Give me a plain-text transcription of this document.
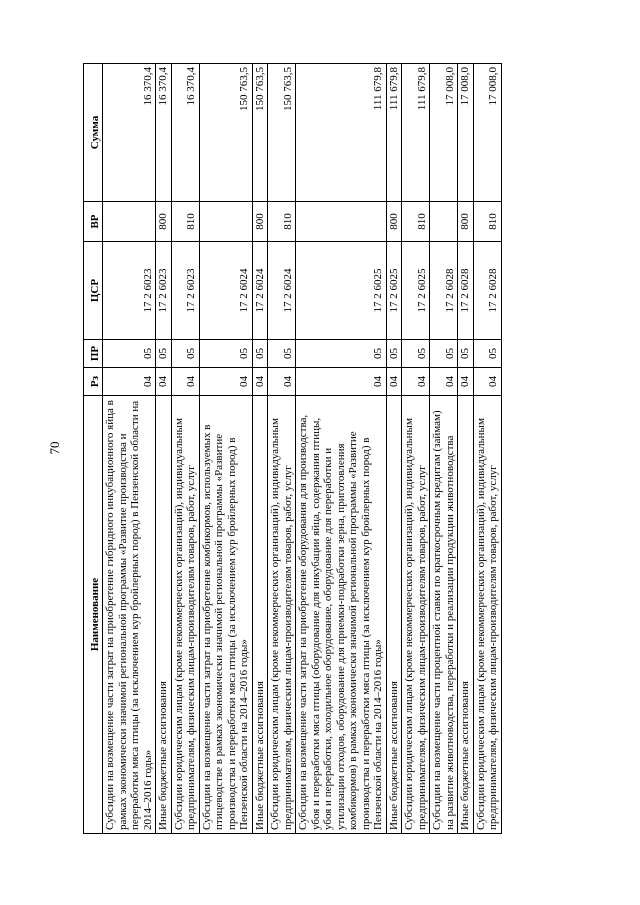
70
Наименование	Рз	ПР	ЦСР	ВР	Сумма
Субсидии на возмещение части затрат на приобретение гибридного инкубационного яйца в рамках экономически значимой региональной программы «Развитие производства и переработки мяса птицы (за исключением кур бройлерных пород) в Пензенской области на 2014–2016 годы»	04	05	17 2 6023		16 370,4
Иные бюджетные ассигнования	04	05	17 2 6023	800	16 370,4
Субсидии юридическим лицам (кроме некоммерческих организаций), индивидуальным предпринимателям, физическим лицам-производителям товаров, работ, услуг	04	05	17 2 6023	810	16 370,4
Субсидии на возмещение части затрат на приобретение комбикормов, используемых в птицеводстве в рамках экономически значимой региональной программы «Развитие производства и переработки мяса птицы (за исключением кур бройлерных пород) в Пензенской области на 2014–2016 годы»	04	05	17 2 6024		150 763,5
Иные бюджетные ассигнования	04	05	17 2 6024	800	150 763,5
Субсидии юридическим лицам (кроме некоммерческих организаций), индивидуальным предпринимателям, физическим лицам-производителям товаров, работ, услуг	04	05	17 2 6024	810	150 763,5
Субсидии на возмещение части затрат на приобретение оборудования для производства, убоя и переработки мяса птицы (оборудование для инкубации яйца, содержания птицы, убоя и переработки, холодильное оборудование, оборудование для переработки и утилизации отходов, оборудование для приемки-подработки зерна, приготовления комбикормов) в рамках экономически значимой региональной программы «Развитие производства и переработки мяса птицы (за исключением кур бройлерных пород) в Пензенской области на 2014–2016 годы»	04	05	17 2 6025		111 679,8
Иные бюджетные ассигнования	04	05	17 2 6025	800	111 679,8
Субсидии юридическим лицам (кроме некоммерческих организаций), индивидуальным предпринимателям, физическим лицам-производителям товаров, работ, услуг	04	05	17 2 6025	810	111 679,8
Субсидии на возмещение части процентной ставки по краткосрочным кредитам (займам) на развитие животноводства, переработки и реализации продукции животноводства	04	05	17 2 6028		17 008,0
Иные бюджетные ассигнования	04	05	17 2 6028	800	17 008,0
Субсидии юридическим лицам (кроме некоммерческих организаций), индивидуальным предпринимателям, физическим лицам-производителям товаров, работ, услуг	04	05	17 2 6028	810	17 008,0
